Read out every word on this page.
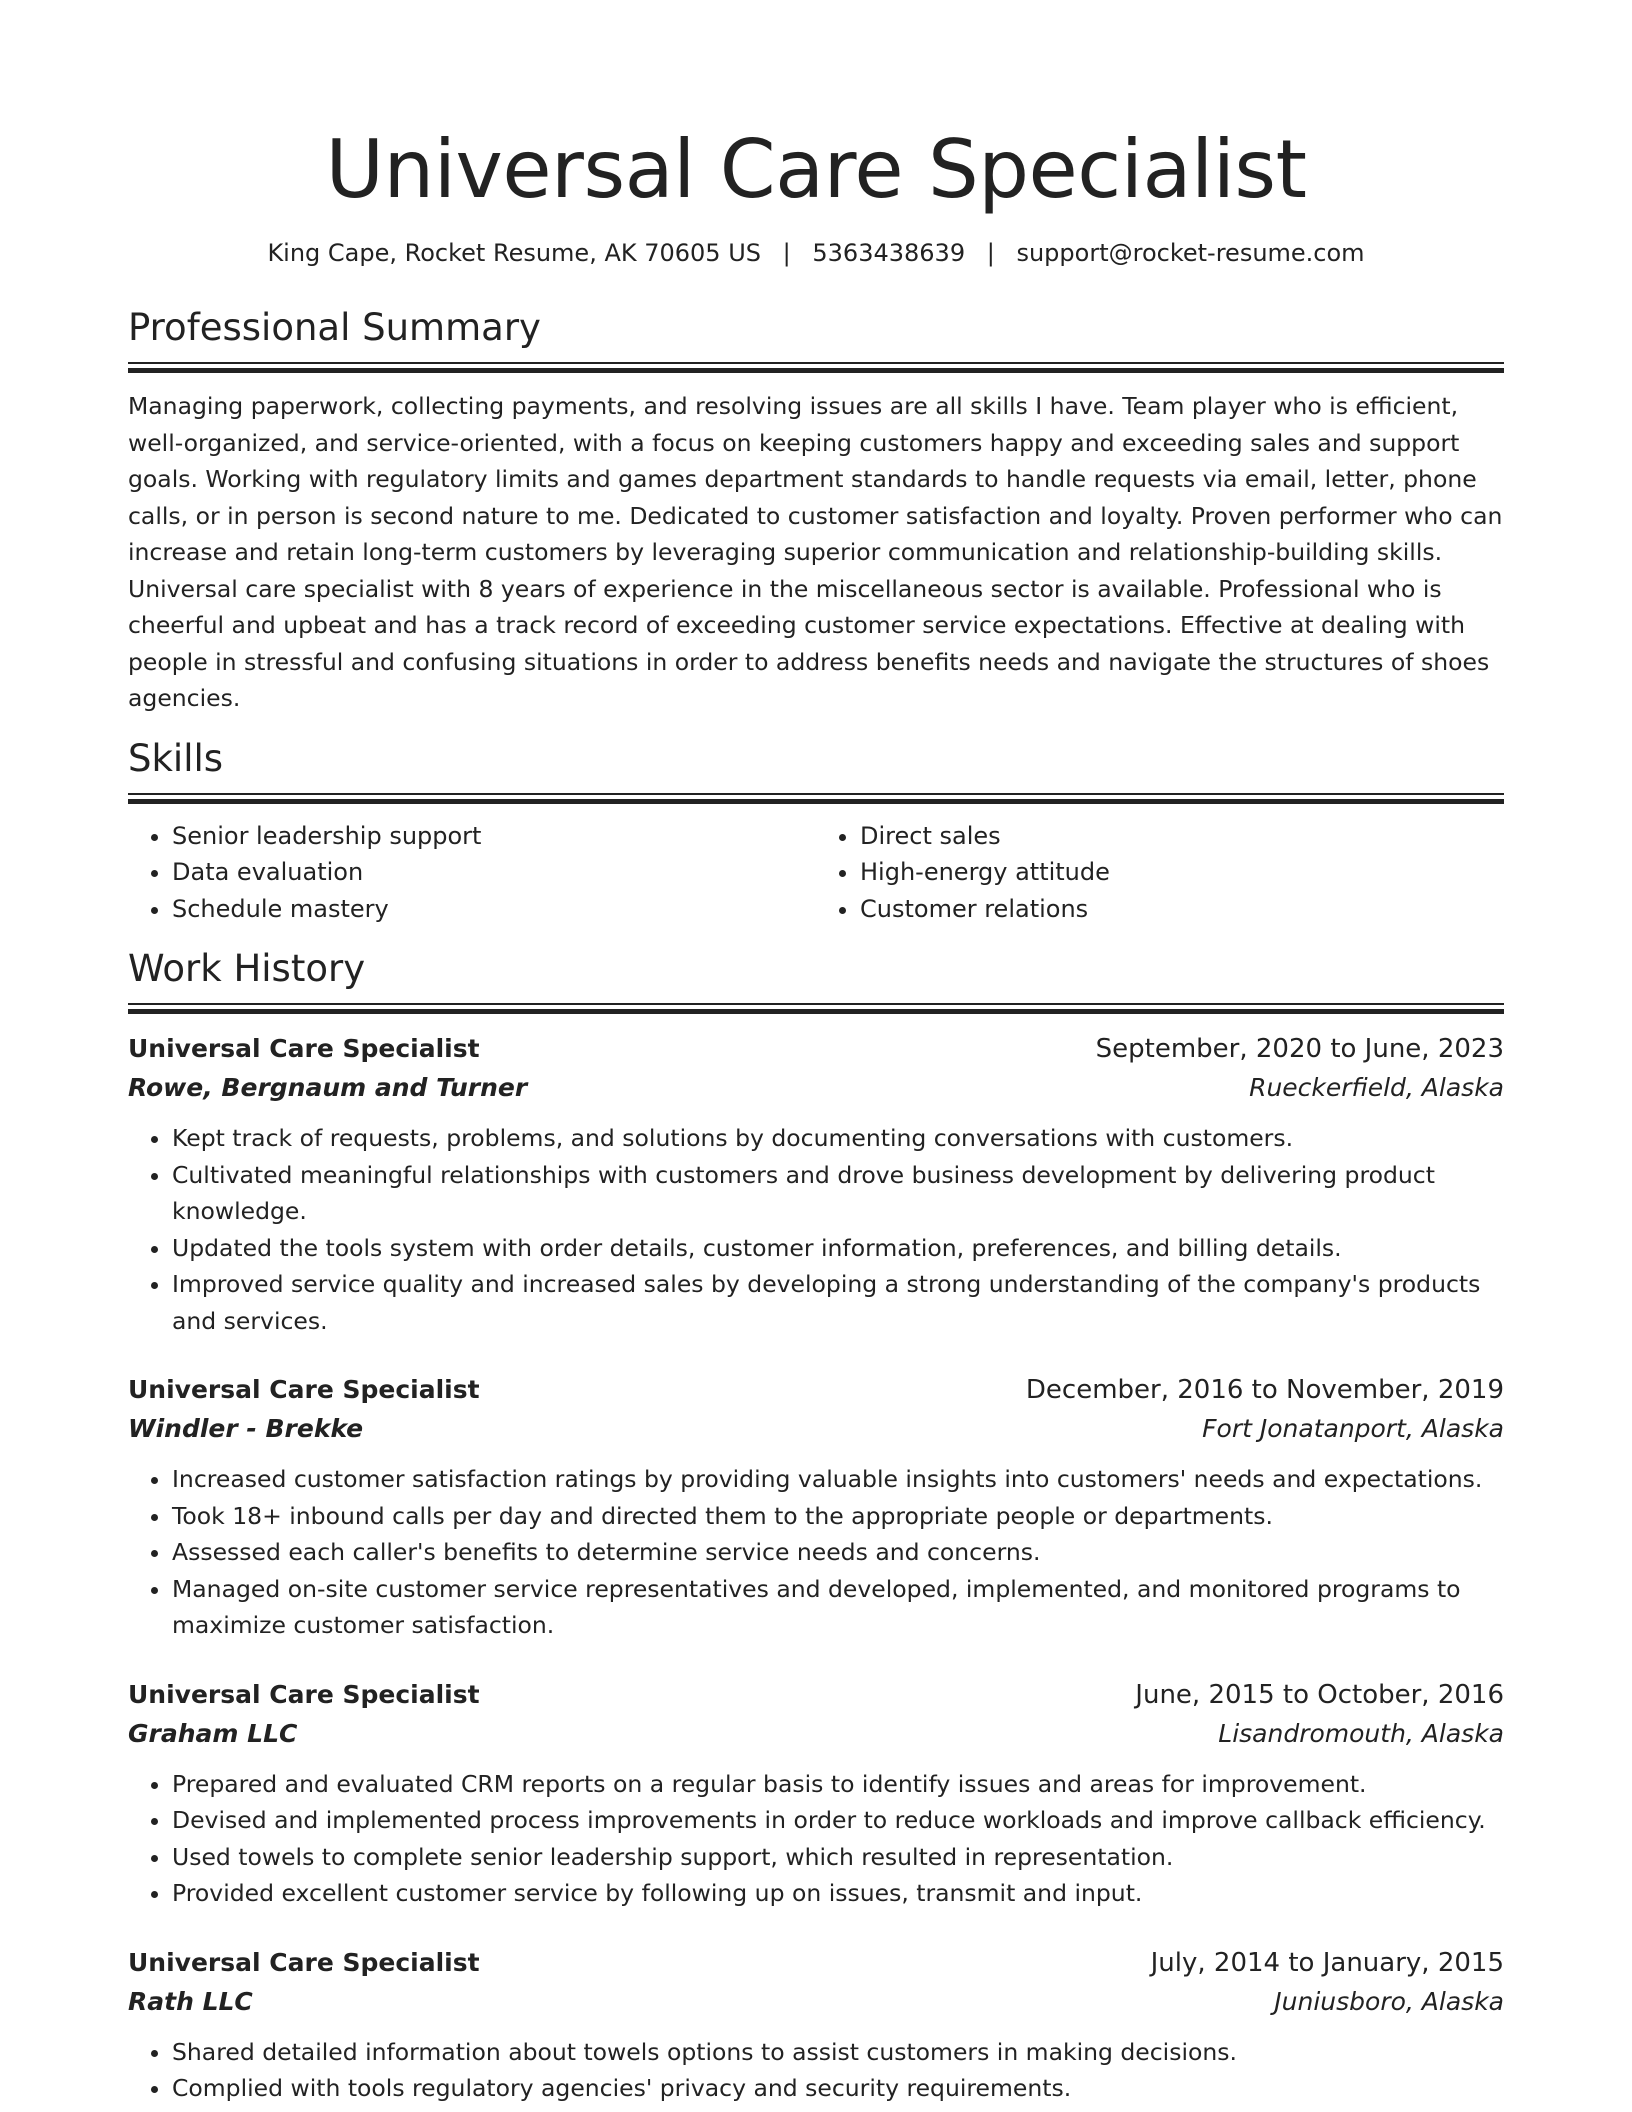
Universal Care Specialist
King Cape, Rocket Resume, AK 70605 US | 5363438639 | support@rocket-resume.com
Professional Summary

Managing paperwork, collecting payments, and resolving issues are all skills I have. Team player who is efficient, well-organized, and service-oriented, with a focus on keeping customers happy and exceeding sales and support goals. Working with regulatory limits and games department standards to handle requests via email, letter, phone calls, or in person is second nature to me. Dedicated to customer satisfaction and loyalty. Proven performer who can increase and retain long-term customers by leveraging superior communication and relationship-building skills. Universal care specialist with 8 years of experience in the miscellaneous sector is available. Professional who is cheerful and upbeat and has a track record of exceeding customer service expectations. Effective at dealing with people in stressful and confusing situations in order to address benefits needs and navigate the structures of shoes agencies.

Skills
• Senior leadership support
• Data evaluation
• Schedule mastery
• Direct sales
• High-energy attitude
• Customer relations
Work History
Universal Care Specialist	September, 2020 to June, 2023
Rowe, Bergnaum and Turner	Rueckerfield, Alaska
• Kept track of requests, problems, and solutions by documenting conversations with customers.
• Cultivated meaningful relationships with customers and drove business development by delivering product knowledge.
• Updated the tools system with order details, customer information, preferences, and billing details.
• Improved service quality and increased sales by developing a strong understanding of the company's products and services.
Universal Care Specialist	December, 2016 to November, 2019
Windler - Brekke	Fort Jonatanport, Alaska
• Increased customer satisfaction ratings by providing valuable insights into customers' needs and expectations.
• Took 18+ inbound calls per day and directed them to the appropriate people or departments.
• Assessed each caller's benefits to determine service needs and concerns.
• Managed on-site customer service representatives and developed, implemented, and monitored programs to maximize customer satisfaction.
Universal Care Specialist	June, 2015 to October, 2016
Graham LLC	Lisandromouth, Alaska
• Prepared and evaluated CRM reports on a regular basis to identify issues and areas for improvement.
• Devised and implemented process improvements in order to reduce workloads and improve callback efficiency.
• Used towels to complete senior leadership support, which resulted in representation.
• Provided excellent customer service by following up on issues, transmit and input.
Universal Care Specialist	July, 2014 to January, 2015
Rath LLC	Juniusboro, Alaska
• Shared detailed information about towels options to assist customers in making decisions.
• Complied with tools regulatory agencies' privacy and security requirements.
